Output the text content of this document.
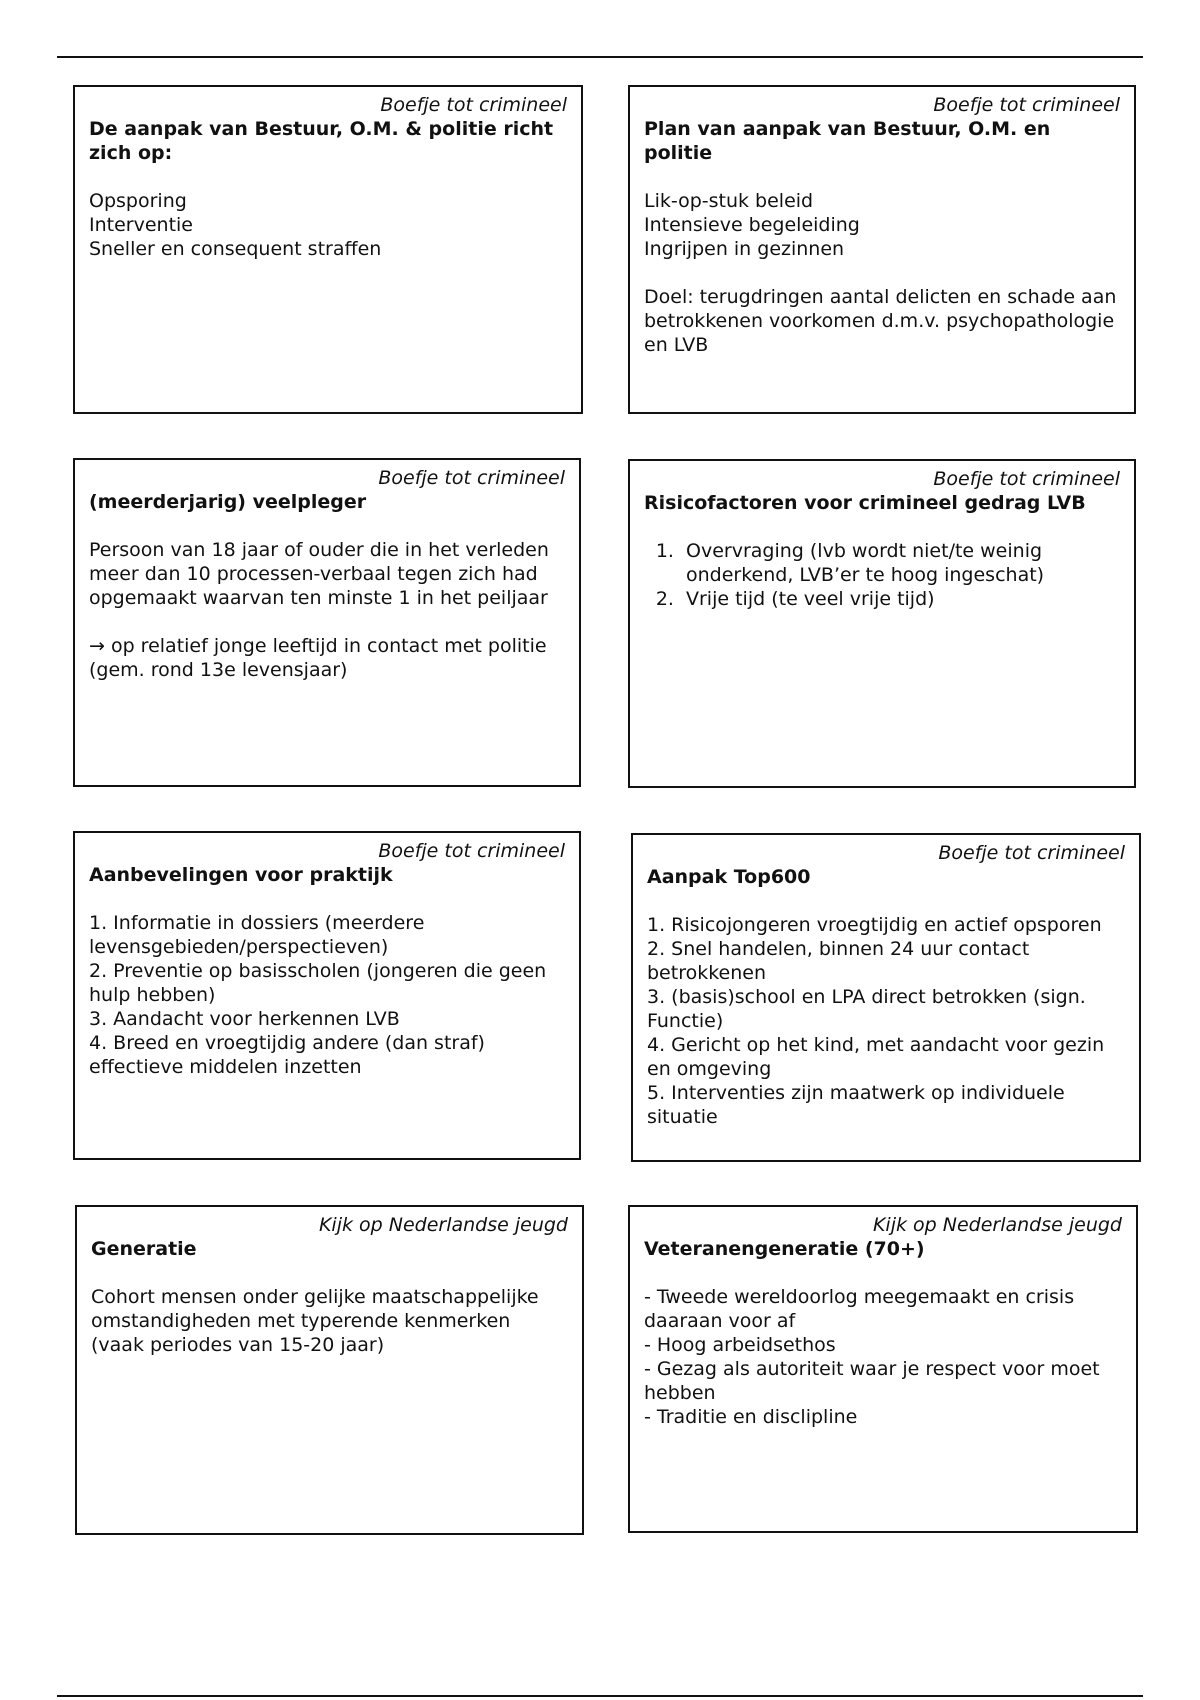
Boefje tot crimineel
De aanpak van Bestuur, O.M. & politie richt zich op:
Opsporing
Interventie
Sneller en consequent straffen
Boefje tot crimineel
Plan van aanpak van Bestuur, O.M. en politie
Lik-op-stuk beleid
Intensieve begeleiding
Ingrijpen in gezinnen
Doel: terugdringen aantal delicten en schade aan betrokkenen voorkomen d.m.v. psychopathologie en LVB
Boefje tot crimineel
(meerderjarig) veelpleger
Persoon van 18 jaar of ouder die in het verleden meer dan 10 processen-verbaal tegen zich had opgemaakt waarvan ten minste 1 in het peiljaar
→ op relatief jonge leeftijd in contact met politie (gem. rond 13e levensjaar)
Boefje tot crimineel
Risicofactoren voor crimineel gedrag LVB
1. Overvraging (lvb wordt niet/te weinig onderkend, LVB’er te hoog ingeschat)
2. Vrije tijd (te veel vrije tijd)
Boefje tot crimineel
Aanbevelingen voor praktijk
1. Informatie in dossiers (meerdere levensgebieden/perspectieven)
2. Preventie op basisscholen (jongeren die geen hulp hebben)
3. Aandacht voor herkennen LVB
4. Breed en vroegtijdig andere (dan straf) effectieve middelen inzetten
Boefje tot crimineel
Aanpak Top600
1. Risicojongeren vroegtijdig en actief opsporen
2. Snel handelen, binnen 24 uur contact betrokkenen
3. (basis)school en LPA direct betrokken (sign. Functie)
4. Gericht op het kind, met aandacht voor gezin en omgeving
5. Interventies zijn maatwerk op individuele situatie
Kijk op Nederlandse jeugd
Generatie
Cohort mensen onder gelijke maatschappelijke omstandigheden met typerende kenmerken (vaak periodes van 15-20 jaar)
Kijk op Nederlandse jeugd
Veteranengeneratie (70+)
- Tweede wereldoorlog meegemaakt en crisis daaraan voor af
- Hoog arbeidsethos
- Gezag als autoriteit waar je respect voor moet hebben
- Traditie en disclipline
